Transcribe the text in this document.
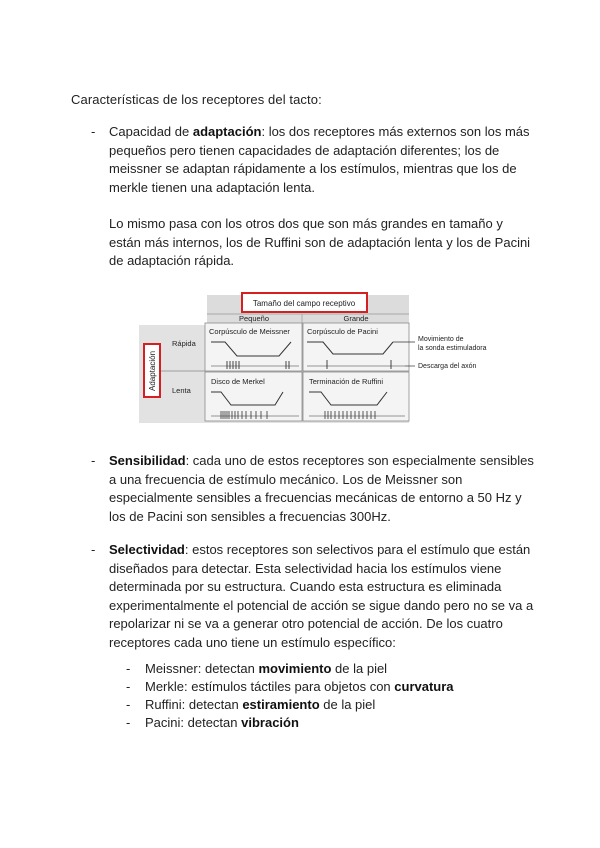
Características de los receptores del tacto:
- Capacidad de adaptación: los dos receptores más externos son los más pequeños pero tienen capacidades de adaptación diferentes; los de meissner se adaptan rápidamente a los estímulos, mientras que los de merkle tienen una adaptación lenta.

Lo mismo pasa con los otros dos que son más grandes en tamaño y están más internos, los de Ruffini son de adaptación lenta y los de Pacini de adaptación rápida.

Tamaño del campo receptivo
Pequeño	Grande
Adaptación
Rápida
Lenta
Corpúsculo de Meissner Corpúsculo de Pacini
Disco de Merkel	Terminación de Ruffini
Movimiento de
la sonda estimuladora
Descarga del axón
- Sensibilidad: cada uno de estos receptores son especialmente sensibles a una frecuencia de estímulo mecánico. Los de Meissner son especialmente sensibles a frecuencias mecánicas de entorno a 50 Hz y los de Pacini son sensibles a frecuencias 300Hz.

- Selectividad: estos receptores son selectivos para el estímulo que están diseñados para detectar. Esta selectividad hacia los estímulos viene determinada por su estructura. Cuando esta estructura es eliminada experimentalmente el potencial de acción se sigue dando pero no se va a repolarizar ni se va a generar otro potencial de acción. De los cuatro receptores cada uno tiene un estímulo específico:

- Meissner: detectan movimiento de la piel
- Merkle: estímulos táctiles para objetos con curvatura
- Ruffini: detectan estiramiento de la piel
- Pacini: detectan vibración
